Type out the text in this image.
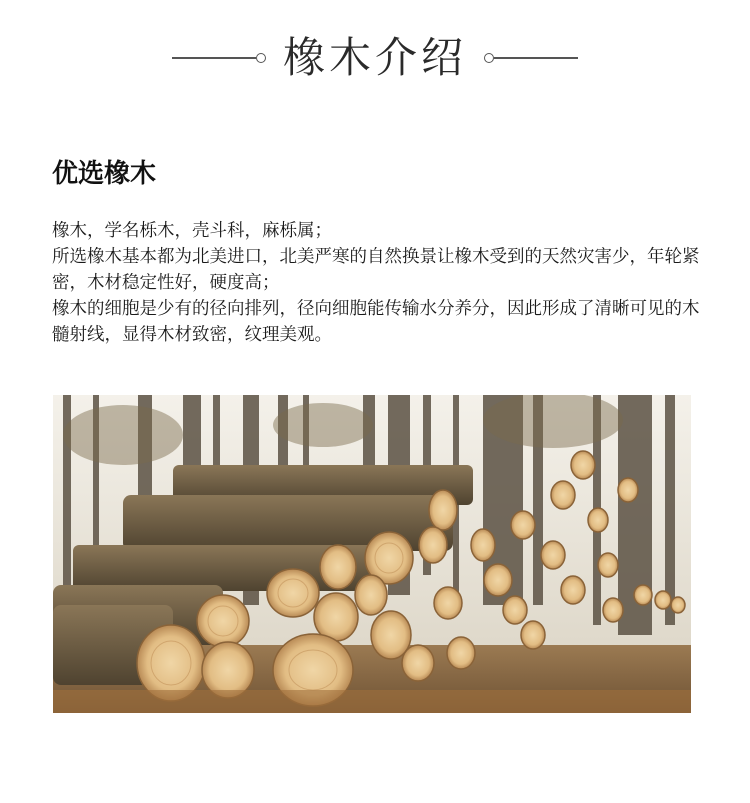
橡木介绍
优选橡木

橡木，学名栎木，壳斗科，麻栎属；

所选橡木基本都为北美进口，北美严寒的自然换景让橡木受到的天然灾害少，年轮紧密，木材稳定性好，硬度高；

橡木的细胞是少有的径向排列，径向细胞能传输水分养分，因此形成了清晰可见的木髓射线，显得木材致密，纹理美观。
